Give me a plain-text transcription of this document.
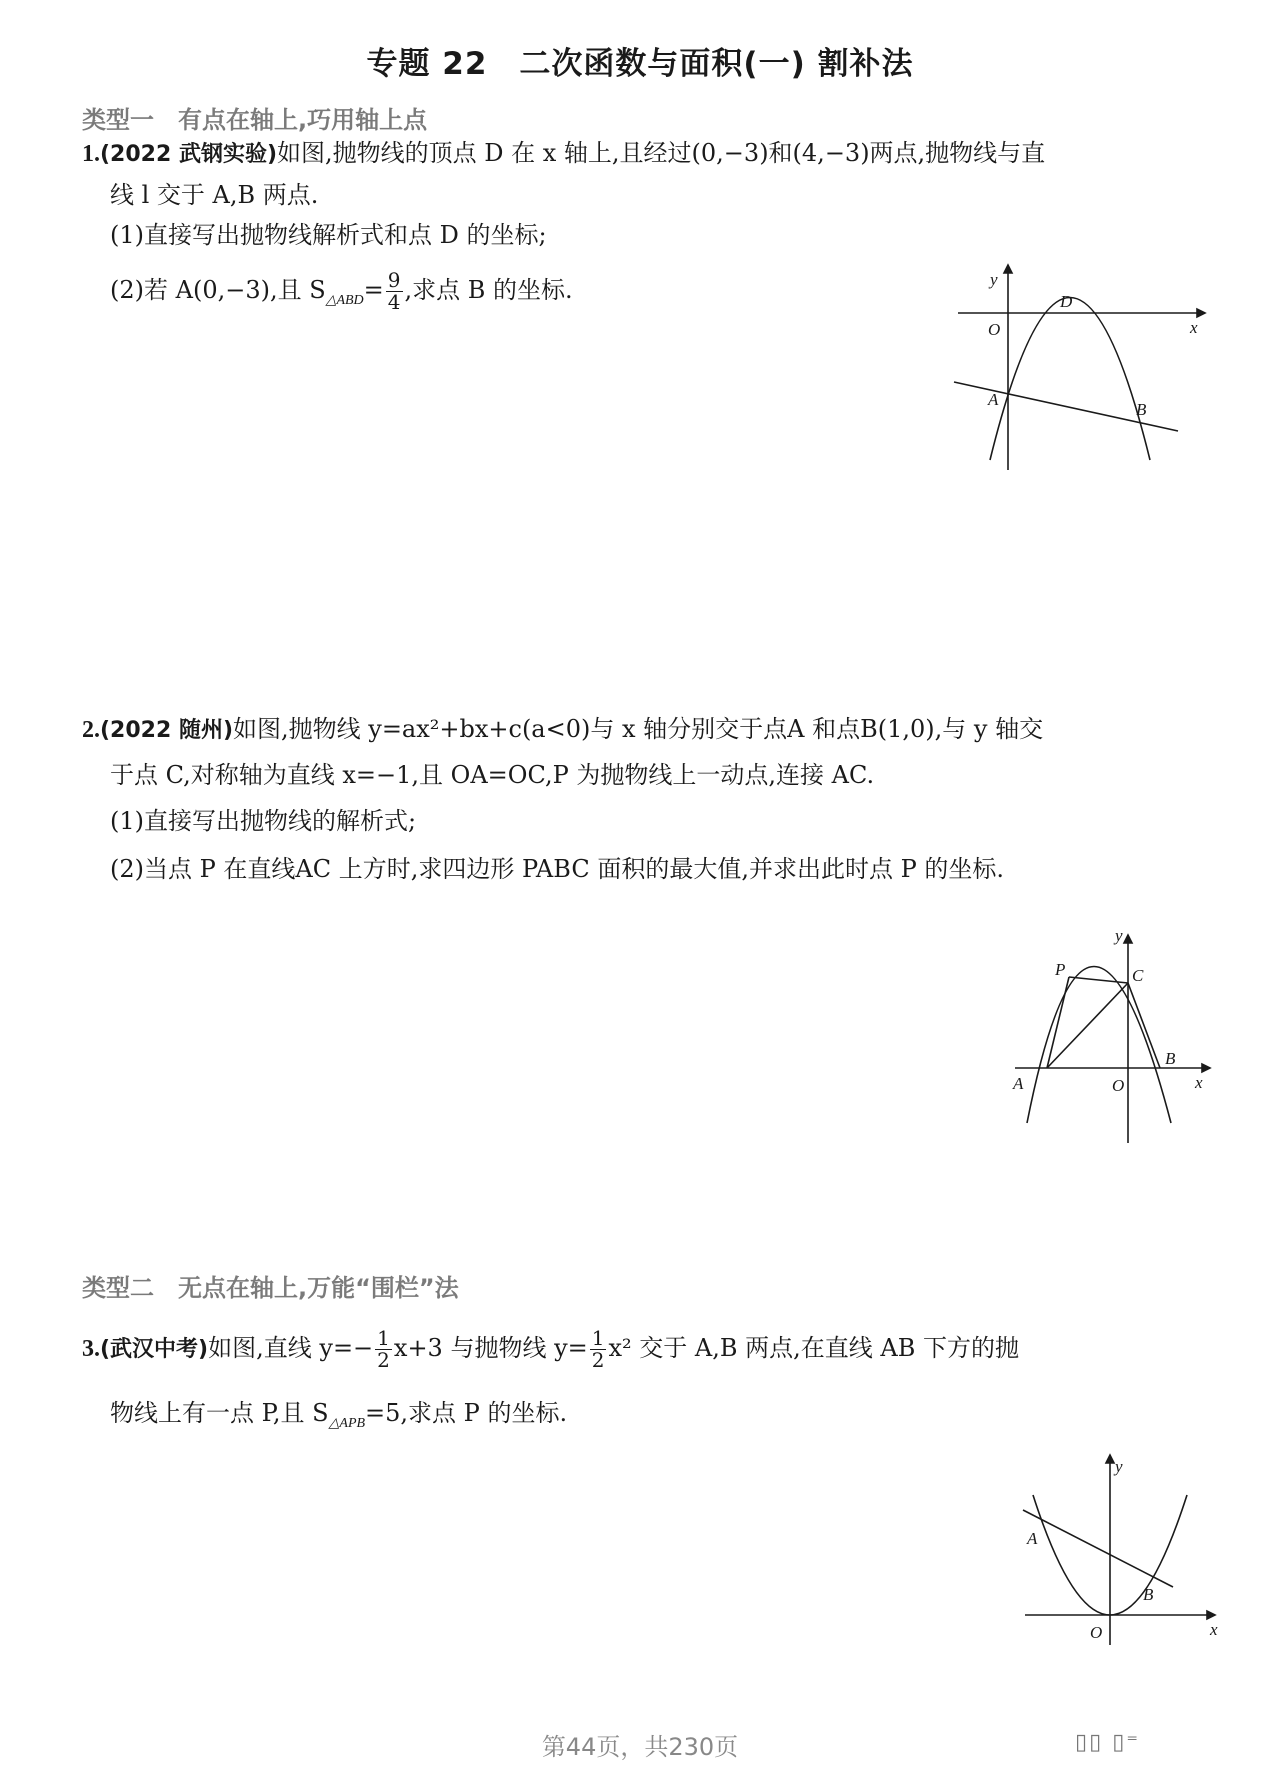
专题 22　二次函数与面积(一) 割补法
类型一 有点在轴上,巧用轴上点
1.(2022 武钢实验)如图,抛物线的顶点 D 在 x 轴上,且经过(0,−3)和(4,−3)两点,抛物线与直
线 l 交于 A,B 两点.
(1)直接写出抛物线解析式和点 D 的坐标;
(2)若 A(0,−3),且 $S_{\triangle ABD}= \frac{9}{4}$ ,求点 B 的坐标.	y
D
O	x
A
B
2.(2022 随州)如图,抛物线 y=ax²+bx+c(a<0)与 x 轴分别交于点A 和点B(1,0),与 y 轴交
于点 C,对称轴为直线 x=−1,且 OA=OC,P 为抛物线上一动点,连接 AC.
(1)直接写出抛物线的解析式;
(2)当点 P 在直线AC 上方时,求四边形 PABC 面积的最大值,并求出此时点 P 的坐标.
y
P	C
A	O
B
x
类型二 无点在轴上,万能“围栏”法
3.(武汉中考)如图,直线 $y=- \frac{1}{2} x+3$ 与抛物线 $y= \frac{1}{2} x^2$ 交于 A,B 两点,在直线 AB 下方的抛
物线上有一点 P,且 $S_{\triangle APB}=5$,求点 P 的坐标.
y
A
B
O	x
第44页，共230页	▯▯ ▯⁼
